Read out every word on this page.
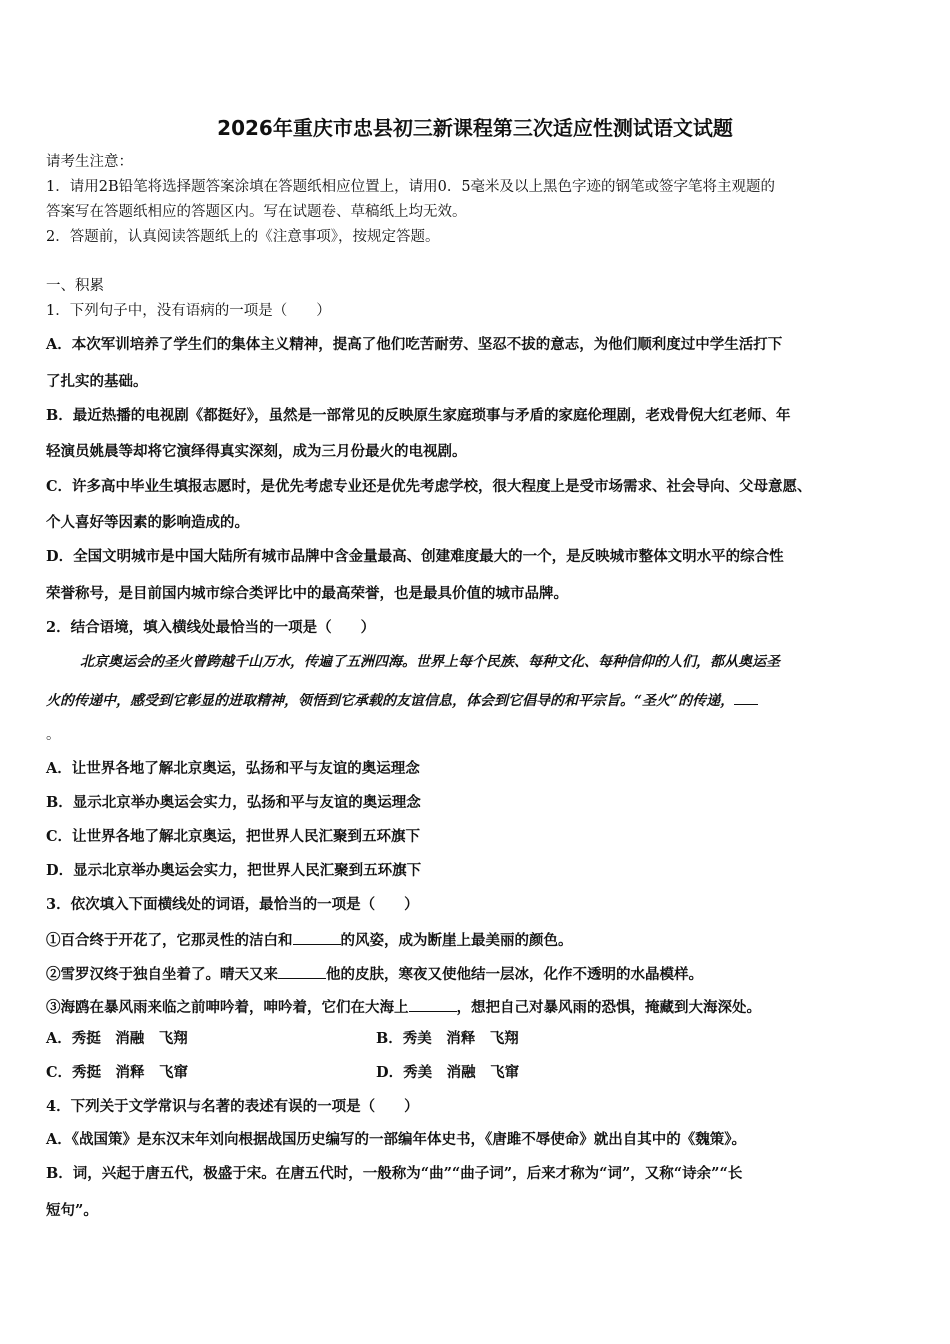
2026年重庆市忠县初三新课程第三次适应性测试语文试题
请考生注意：
1．请用2B铅笔将选择题答案涂填在答题纸相应位置上，请用0．5毫米及以上黑色字迹的钢笔或签字笔将主观题的
答案写在答题纸相应的答题区内。写在试题卷、草稿纸上均无效。
2．答题前，认真阅读答题纸上的《注意事项》，按规定答题。
一、积累
1．下列句子中，没有语病的一项是（　　）
A．本次军训培养了学生们的集体主义精神，提高了他们吃苦耐劳、坚忍不拔的意志，为他们顺利度过中学生活打下
了扎实的基础。
B．最近热播的电视剧《都挺好》，虽然是一部常见的反映原生家庭琐事与矛盾的家庭伦理剧，老戏骨倪大红老师、年
轻演员姚晨等却将它演绎得真实深刻，成为三月份最火的电视剧。
C．许多高中毕业生填报志愿时，是优先考虑专业还是优先考虑学校，很大程度上是受市场需求、社会导向、父母意愿、
个人喜好等因素的影响造成的。
D．全国文明城市是中国大陆所有城市品牌中含金量最高、创建难度最大的一个，是反映城市整体文明水平的综合性
荣誉称号，是目前国内城市综合类评比中的最高荣誉，也是最具价值的城市品牌。
2．结合语境，填入横线处最恰当的一项是（　　）
北京奥运会的圣火曾跨越千山万水，传遍了五洲四海。世界上每个民族、每种文化、每种信仰的人们，都从奥运圣
火的传递中，感受到它彰显的进取精神，领悟到它承载的友谊信息，体会到它倡导的和平宗旨。“圣火”的传递，
。
A．让世界各地了解北京奥运，弘扬和平与友谊的奥运理念
B．显示北京举办奥运会实力，弘扬和平与友谊的奥运理念
C．让世界各地了解北京奥运，把世界人民汇聚到五环旗下
D．显示北京举办奥运会实力，把世界人民汇聚到五环旗下
3．依次填入下面横线处的词语，最恰当的一项是（　　）
①百合终于开花了，它那灵性的洁白和	的风姿，成为断崖上最美丽的颜色。
②雪罗汉终于独自坐着了。晴天又来	他的皮肤，寒夜又使他结一层冰，化作不透明的水晶模样。
③海鸥在暴风雨来临之前呻吟着，呻吟着，它们在大海上	，想把自己对暴风雨的恐惧，掩藏到大海深处。
A．秀挺　消融　飞翔	B．秀美　消释　飞翔
C．秀挺　消释　飞窜	D．秀美　消融　飞窜
4．下列关于文学常识与名著的表述有误的一项是（　　）
A．《战国策》是东汉末年刘向根据战国历史编写的一部编年体史书，《唐雎不辱使命》就出自其中的《魏策》。
B．词，兴起于唐五代，极盛于宋。在唐五代时，一般称为“曲”“曲子词”，后来才称为“词”，又称“诗余”“长
短句”。
